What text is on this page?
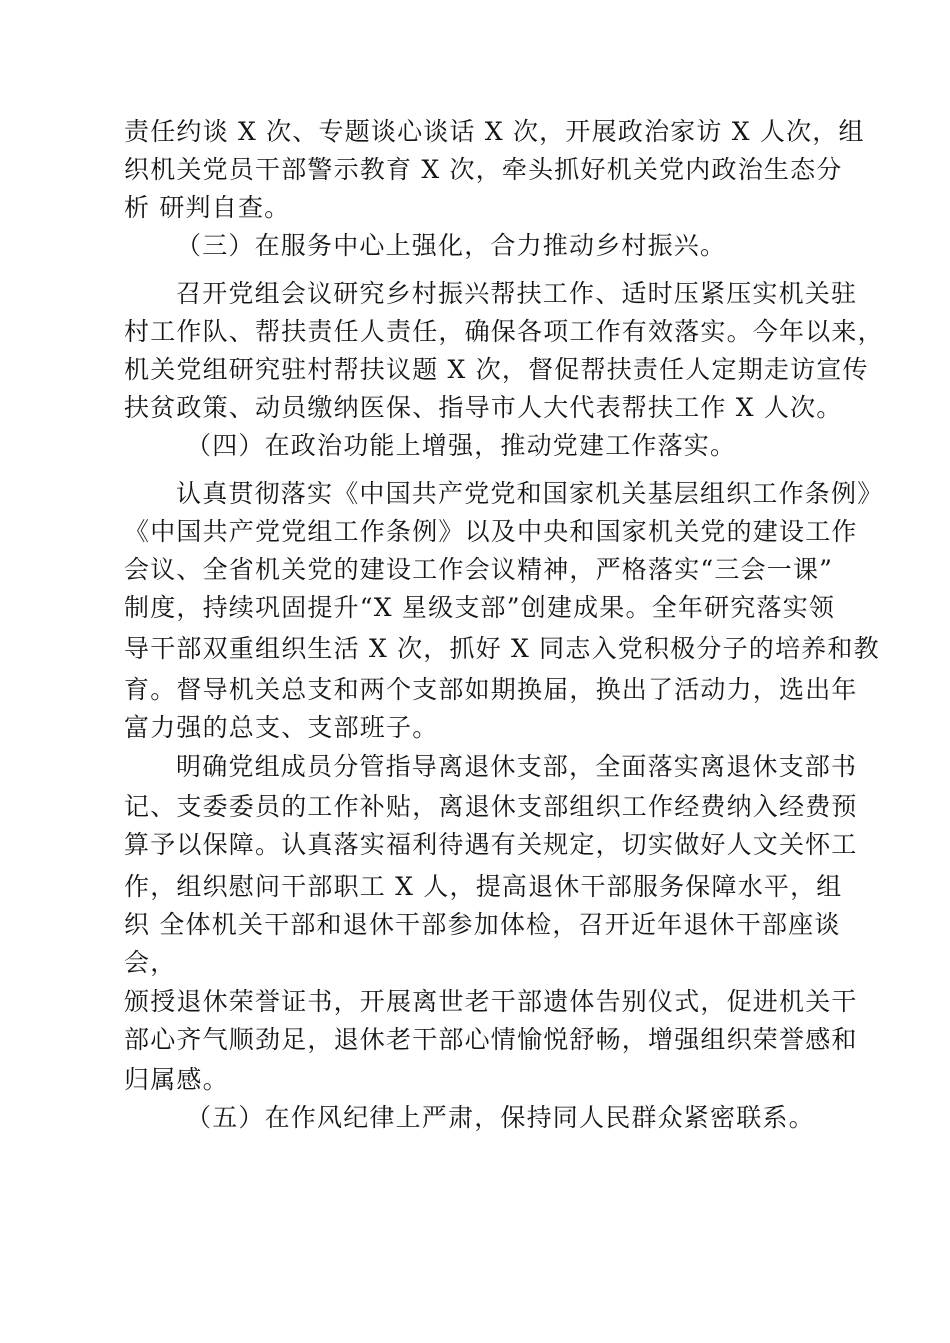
责任约谈 X 次、专题谈心谈话 X 次，开展政治家访 X 人次，组
织机关党员干部警示教育 X 次，牵头抓好机关党内政治生态分
析 研判自查。
（三）在服务中心上强化，合力推动乡村振兴。
召开党组会议研究乡村振兴帮扶工作、适时压紧压实机关驻
村工作队、帮扶责任人责任，确保各项工作有效落实。今年以来，
机关党组研究驻村帮扶议题 X 次，督促帮扶责任人定期走访宣传
扶贫政策、动员缴纳医保、指导市人大代表帮扶工作 X 人次。
（四）在政治功能上增强，推动党建工作落实。
认真贯彻落实《中国共产党党和国家机关基层组织工作条例》
《中国共产党党组工作条例》以及中央和国家机关党的建设工作
会议、全省机关党的建设工作会议精神，严格落实“三会一课”
制度，持续巩固提升“X 星级支部”创建成果。全年研究落实领
导干部双重组织生活 X 次，抓好 X 同志入党积极分子的培养和教
育。督导机关总支和两个支部如期换届，换出了活动力，选出年
富力强的总支、支部班子。
明确党组成员分管指导离退休支部，全面落实离退休支部书
记、支委委员的工作补贴，离退休支部组织工作经费纳入经费预
算予以保障。认真落实福利待遇有关规定，切实做好人文关怀工
作，组织慰问干部职工 X 人，提高退休干部服务保障水平，组
织 全体机关干部和退休干部参加体检，召开近年退休干部座谈
会，
颁授退休荣誉证书，开展离世老干部遗体告别仪式，促进机关干
部心齐气顺劲足，退休老干部心情愉悦舒畅，增强组织荣誉感和
归属感。
（五）在作风纪律上严肃，保持同人民群众紧密联系。
